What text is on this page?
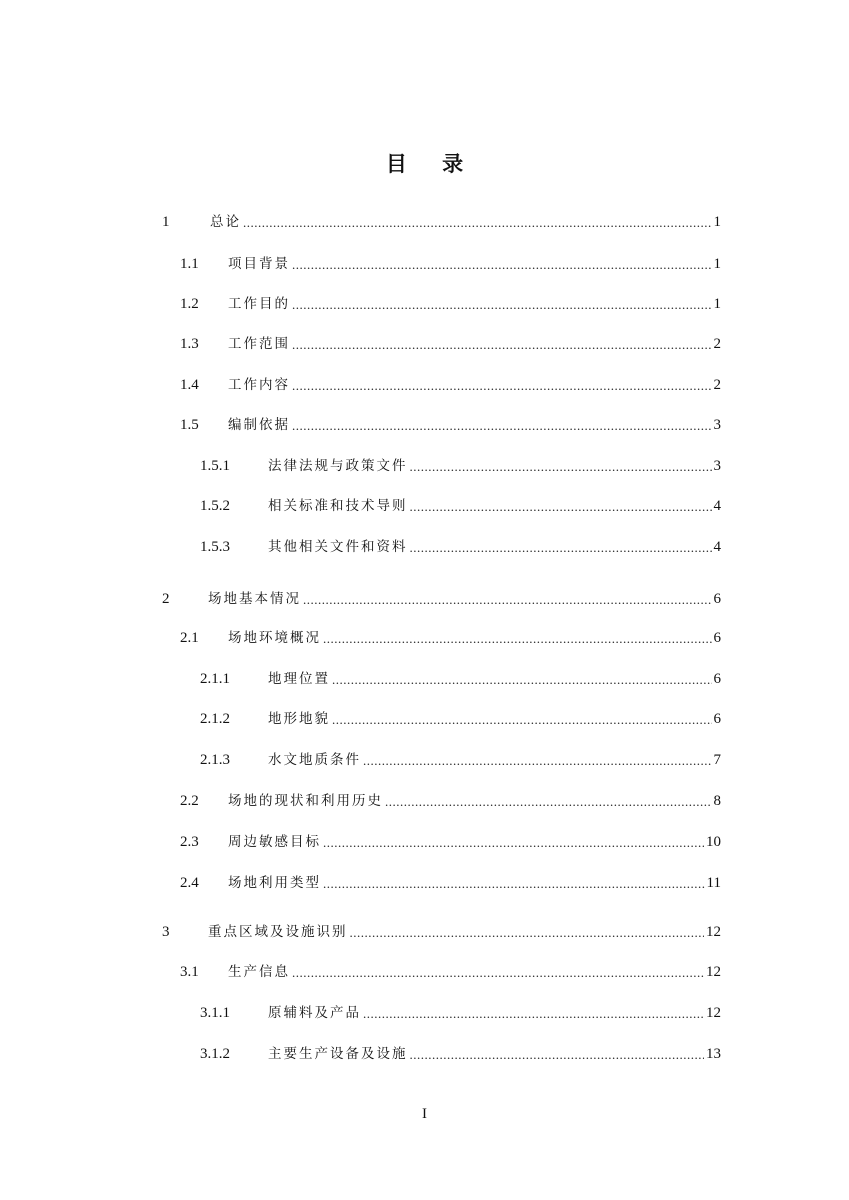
目 录
1	总论 .....	1
1.1	项目背景 .....	1
1.2	工作目的 .....	1
1.3	工作范围 .....	2
1.4	工作内容 .....	2
1.5	编制依据 .....	3
1.5.1	法律法规与政策文件 .....	3
1.5.2	相关标准和技术导则 .....	4
1.5.3	其他相关文件和资料 .....	4
2	场地基本情况 .....	6
2.1	场地环境概况 .....	6
2.1.1	地理位置 .....	6
2.1.2	地形地貌 .....	6
2.1.3	水文地质条件 .....	7
2.2	场地的现状和利用历史 .....	8
2.3	周边敏感目标 .....	10
2.4	场地利用类型 .....	11
3	重点区域及设施识别 .....	12
3.1	生产信息 .....	12
3.1.1	原辅料及产品 .....	12
3.1.2	主要生产设备及设施 .....	13
I
